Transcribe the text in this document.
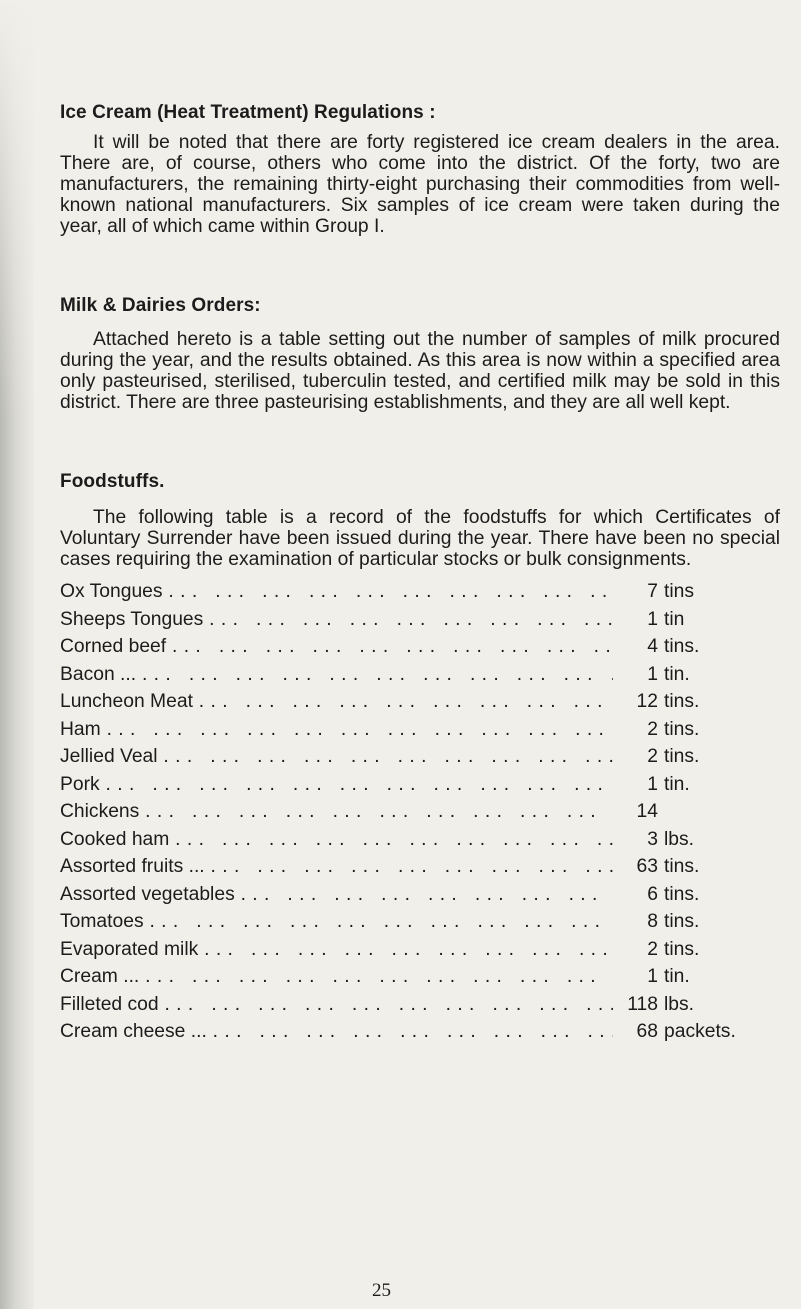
Ice Cream (Heat Treatment) Regulations :

It will be noted that there are forty registered ice cream dealers in the area. There are, of course, others who come into the district. Of the forty, two are manufacturers, the remaining thirty-eight purchasing their commodities from well-known national manufacturers. Six samples of ice cream were taken during the year, all of which came within Group I.

Milk & Dairies Orders:

Attached hereto is a table setting out the number of samples of milk procured during the year, and the results obtained. As this area is now within a specified area only pasteurised, sterilised, tuberculin tested, and certified milk may be sold in this district. There are three pasteurising establishments, and they are all well kept.

Foodstuffs.

The following table is a record of the foodstuffs for which Certificates of Voluntary Surrender have been issued during the year. There have been no special cases requiring the examination of particular stocks or bulk consignments.

Ox Tongues . . .	7 tins
Sheeps Tongues . . .	1 tin
Corned beef . . .	4 tins.
Bacon ... . . .	1 tin.
Luncheon Meat . . .	12 tins.
Ham . . .	2 tins.
Jellied Veal . . .	2 tins.
Pork . . .	1 tin.
Chickens . . .	14
Cooked ham . . .	3 lbs.
Assorted fruits ... . . .	63 tins.
Assorted vegetables . . .	6 tins.
Tomatoes . . .	8 tins.
Evaporated milk . . .	2 tins.
Cream ... . . .	1 tin.
Filleted cod . . .	118 lbs.
Cream cheese ... . . .	68 packets.
25
